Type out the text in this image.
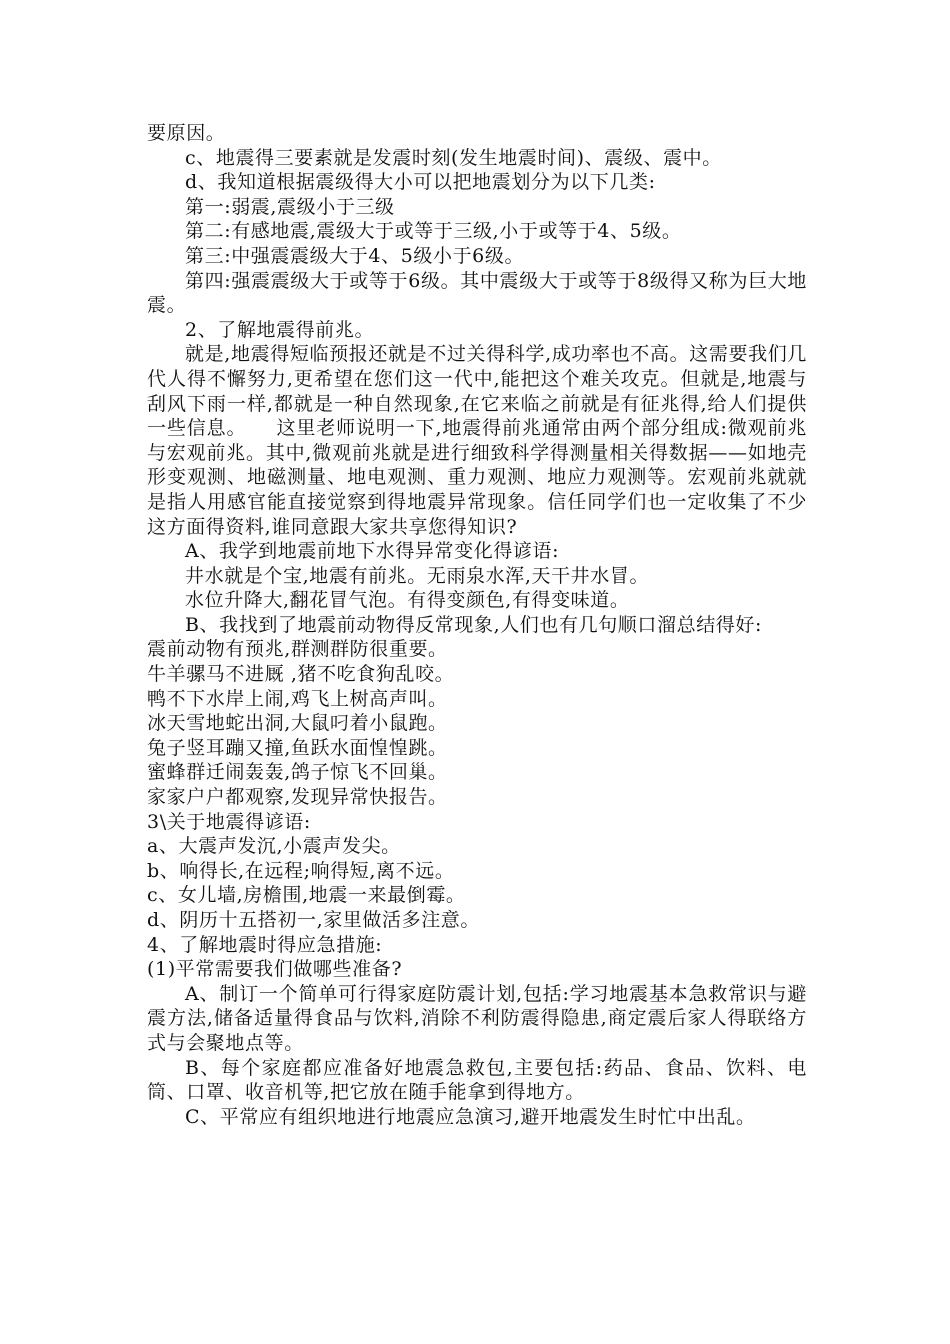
要原因。

c、地震得三要素就是发震时刻(发生地震时间)、震级、震中。

d、我知道根据震级得大小可以把地震划分为以下几类:

第一:弱震,震级小于三级

第二:有感地震,震级大于或等于三级,小于或等于4、5级。

第三:中强震震级大于4、5级小于6级。

第四:强震震级大于或等于6级。其中震级大于或等于8级得又称为巨大地震。

2、了解地震得前兆。

就是,地震得短临预报还就是不过关得科学,成功率也不高。这需要我们几代人得不懈努力,更希望在您们这一代中,能把这个难关攻克。但就是,地震与刮风下雨一样,都就是一种自然现象,在它来临之前就是有征兆得,给人们提供一些信息。　　这里老师说明一下,地震得前兆通常由两个部分组成:微观前兆与宏观前兆。其中,微观前兆就是进行细致科学得测量相关得数据——如地壳形变观测、地磁测量、地电观测、重力观测、地应力观测等。宏观前兆就就是指人用感官能直接觉察到得地震异常现象。信任同学们也一定收集了不少这方面得资料,谁同意跟大家共享您得知识?

A、我学到地震前地下水得异常变化得谚语:

井水就是个宝,地震有前兆。无雨泉水浑,天干井水冒。

水位升降大,翻花冒气泡。有得变颜色,有得变味道。

B、我找到了地震前动物得反常现象,人们也有几句顺口溜总结得好:

震前动物有预兆,群测群防很重要。

牛羊骡马不进厩 ,猪不吃食狗乱咬。

鸭不下水岸上闹,鸡飞上树高声叫。

冰天雪地蛇出洞,大鼠叼着小鼠跑。

兔子竖耳蹦又撞,鱼跃水面惶惶跳。

蜜蜂群迁闹轰轰,鸽子惊飞不回巢。

家家户户都观察,发现异常快报告。

3\关于地震得谚语:

a、大震声发沉,小震声发尖。

b、响得长,在远程;响得短,离不远。

c、女儿墙,房檐围,地震一来最倒霉。

d、阴历十五搭初一,家里做活多注意。

4、了解地震时得应急措施:

(1)平常需要我们做哪些准备?

A、制订一个简单可行得家庭防震计划,包括:学习地震基本急救常识与避震方法,储备适量得食品与饮料,消除不利防震得隐患,商定震后家人得联络方式与会聚地点等。

B、每个家庭都应准备好地震急救包,主要包括:药品、食品、饮料、电筒、口罩、收音机等,把它放在随手能拿到得地方。

C、平常应有组织地进行地震应急演习,避开地震发生时忙中出乱。
